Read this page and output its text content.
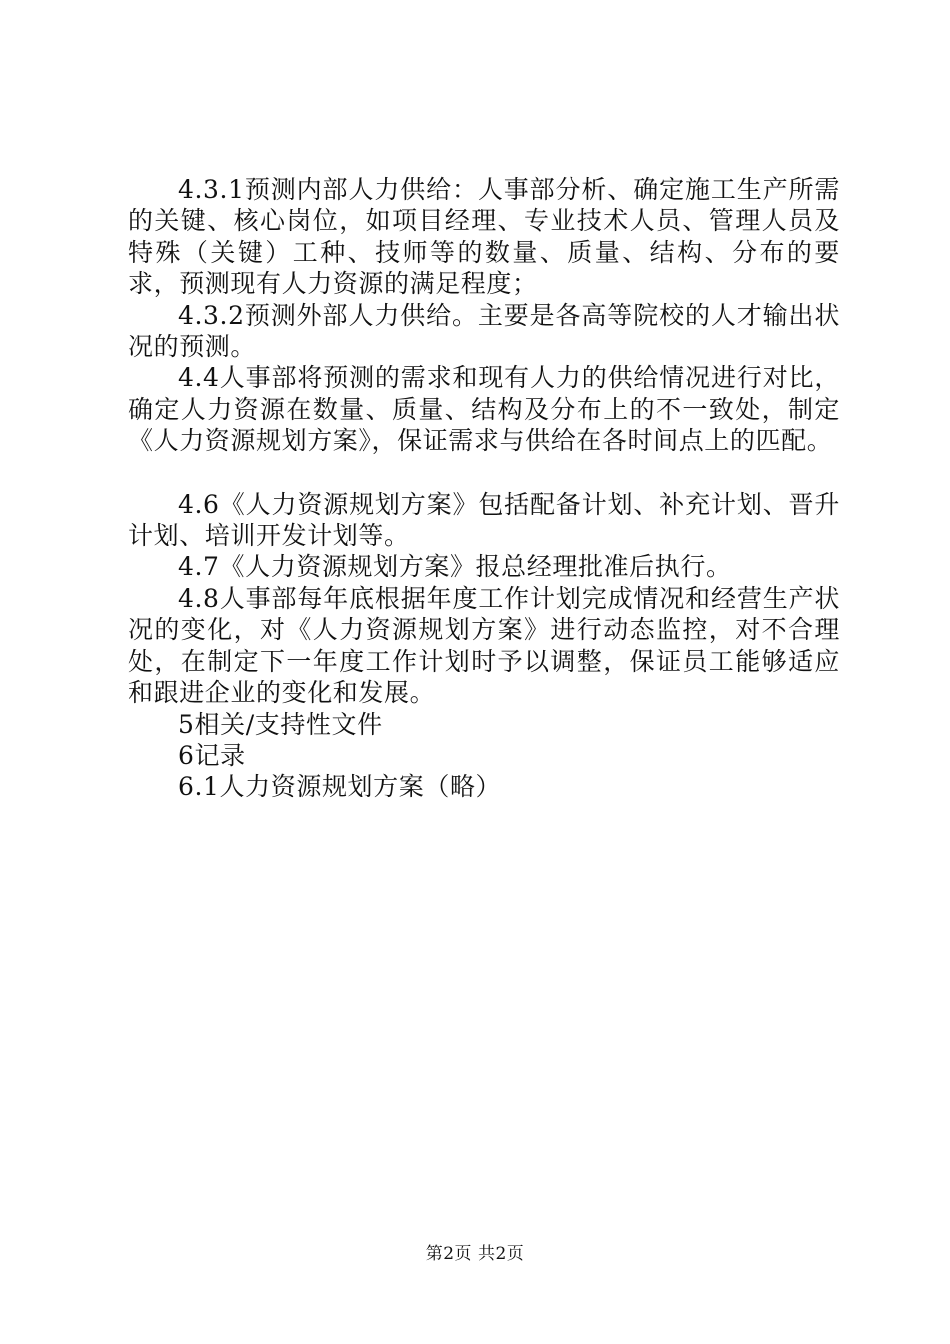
4.3.1预测内部人力供给：人事部分析、确定施工生产所需的关键、核心岗位，如项目经理、专业技术人员、管理人员及特殊（关键）工种、技师等的数量、质量、结构、分布的要求，预测现有人力资源的满足程度；

4.3.2预测外部人力供给。主要是各高等院校的人才输出状况的预测。

4.4人事部将预测的需求和现有人力的供给情况进行对比，确定人力资源在数量、质量、结构及分布上的不一致处，制定《人力资源规划方案》，保证需求与供给在各时间点上的匹配。

4.6《人力资源规划方案》包括配备计划、补充计划、晋升计划、培训开发计划等。

4.7《人力资源规划方案》报总经理批准后执行。

4.8人事部每年底根据年度工作计划完成情况和经营生产状况的变化，对《人力资源规划方案》进行动态监控，对不合理处，在制定下一年度工作计划时予以调整，保证员工能够适应和跟进企业的变化和发展。

5相关/支持性文件

6记录

6.1人力资源规划方案（略）

第2页 共2页
